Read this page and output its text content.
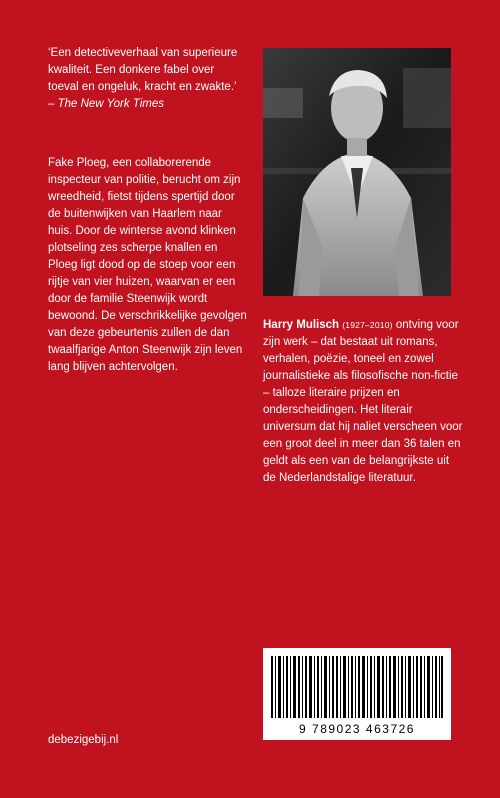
‘Een detectiveverhaal van superieure kwaliteit. Een donkere fabel over toeval en ongeluk, kracht en zwakte.’
– The New York Times
Fake Ploeg, een collaborerende inspecteur van politie, berucht om zijn wreedheid, fietst tijdens spertijd door de buitenwijken van Haarlem naar huis. Door de winterse avond klinken plotseling zes scherpe knallen en Ploeg ligt dood op de stoep voor een rijtje van vier huizen, waarvan er een door de familie Steenwijk wordt bewoond. De verschrikkelijke gevolgen van deze gebeurtenis zullen de dan twaalfjarige Anton Steenwijk zijn leven lang blijven achtervolgen.
Harry Mulisch (1927–2010) ontving voor zijn werk – dat bestaat uit romans, verhalen, poëzie, toneel en zowel journalistieke als filosofische non-fictie – talloze literaire prijzen en onderscheidingen. Het literair universum dat hij naliet verscheen voor een groot deel in meer dan 36 talen en geldt als een van de belangrijkste uit de Nederlandstalige literatuur.
9 789023 463726
debezigebij.nl
